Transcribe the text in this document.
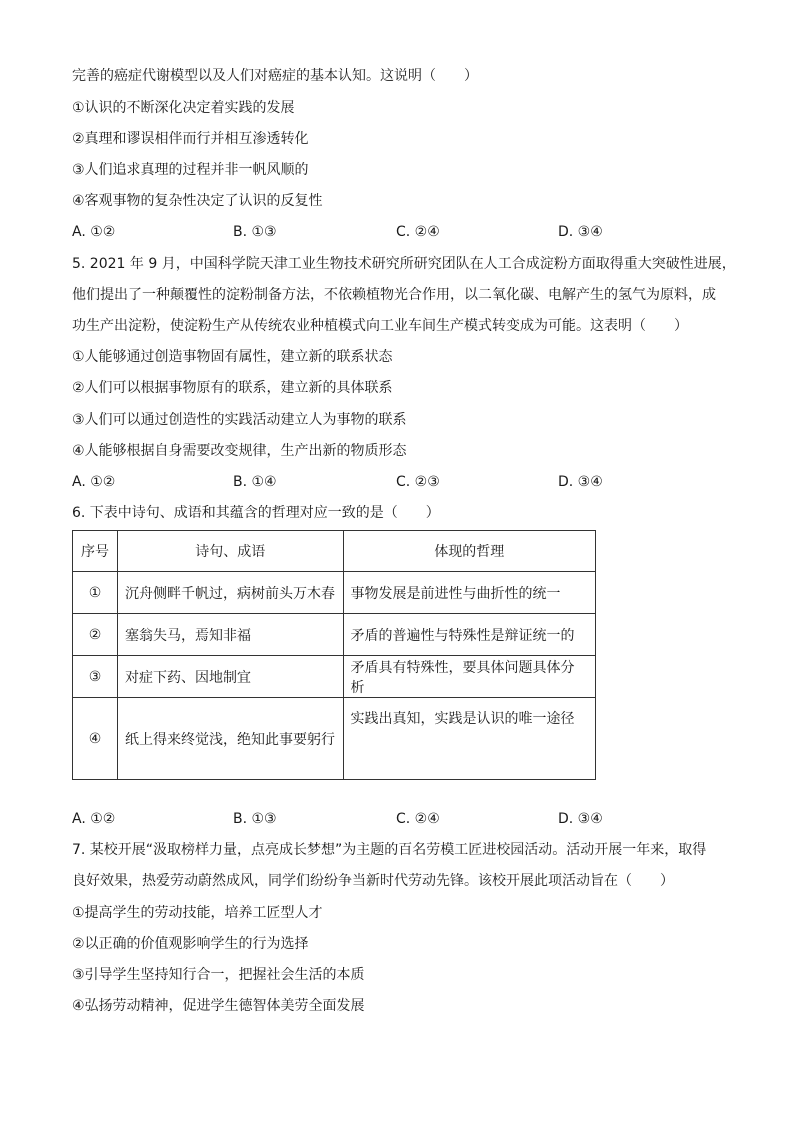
完善的癌症代谢模型以及人们对癌症的基本认知。这说明（　　）
①认识的不断深化决定着实践的发展
②真理和谬误相伴而行并相互渗透转化
③人们追求真理的过程并非一帆风顺的
④客观事物的复杂性决定了认识的反复性
A. ①②	B. ①③	C. ②④	D. ③④
5. 2021 年 9 月，中国科学院天津工业生物技术研究所研究团队在人工合成淀粉方面取得重大突破性进展，
他们提出了一种颠覆性的淀粉制备方法，不依赖植物光合作用，以二氧化碳、电解产生的氢气为原料，成
功生产出淀粉，使淀粉生产从传统农业种植模式向工业车间生产模式转变成为可能。这表明（　　）
①人能够通过创造事物固有属性，建立新的联系状态
②人们可以根据事物原有的联系，建立新的具体联系
③人们可以通过创造性的实践活动建立人为事物的联系
④人能够根据自身需要改变规律，生产出新的物质形态
A. ①②	B. ①④	C. ②③	D. ③④
6. 下表中诗句、成语和其蕴含的哲理对应一致的是（　　）
序号	诗句、成语	体现的哲理
①	沉舟侧畔千帆过，病树前头万木春	事物发展是前进性与曲折性的统一
②	塞翁失马，焉知非福	矛盾的普遍性与特殊性是辩证统一的
③	对症下药、因地制宜	矛盾具有特殊性，要具体问题具体分析
④	纸上得来终觉浅，绝知此事要躬行	实践出真知，实践是认识的唯一途径
A. ①②	B. ①③	C. ②④	D. ③④
7. 某校开展“汲取榜样力量，点亮成长梦想”为主题的百名劳模工匠进校园活动。活动开展一年来，取得
良好效果，热爱劳动蔚然成风，同学们纷纷争当新时代劳动先锋。该校开展此项活动旨在（　　）
①提高学生的劳动技能，培养工匠型人才
②以正确的价值观影响学生的行为选择
③引导学生坚持知行合一，把握社会生活的本质
④弘扬劳动精神，促进学生德智体美劳全面发展
